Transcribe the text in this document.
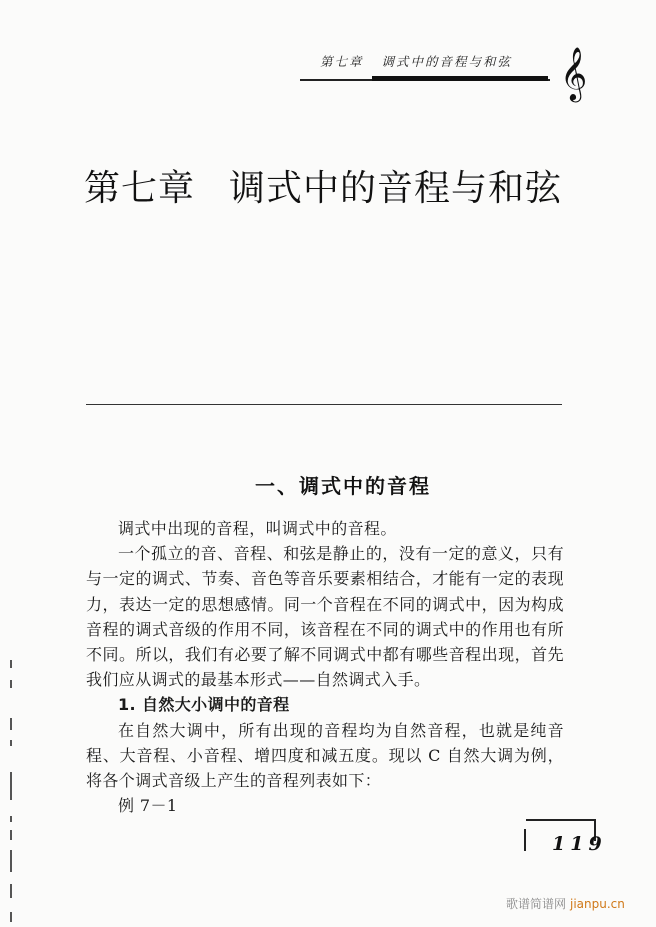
第七章 调式中的音程与和弦 𝄞
第七章 调式中的音程与和弦
一、调式中的音程

调式中出现的音程，叫调式中的音程。

一个孤立的音、音程、和弦是静止的，没有一定的意义，只有与一定的调式、节奏、音色等音乐要素相结合，才能有一定的表现力，表达一定的思想感情。同一个音程在不同的调式中，因为构成音程的调式音级的作用不同，该音程在不同的调式中的作用也有所不同。所以，我们有必要了解不同调式中都有哪些音程出现，首先我们应从调式的最基本形式——自然调式入手。

1. 自然大小调中的音程

在自然大调中，所有出现的音程均为自然音程，也就是纯音程、大音程、小音程、增四度和减五度。现以 C 自然大调为例，将各个调式音级上产生的音程列表如下：

例 7－1

119
歌谱简谱网 jianpu.cn
